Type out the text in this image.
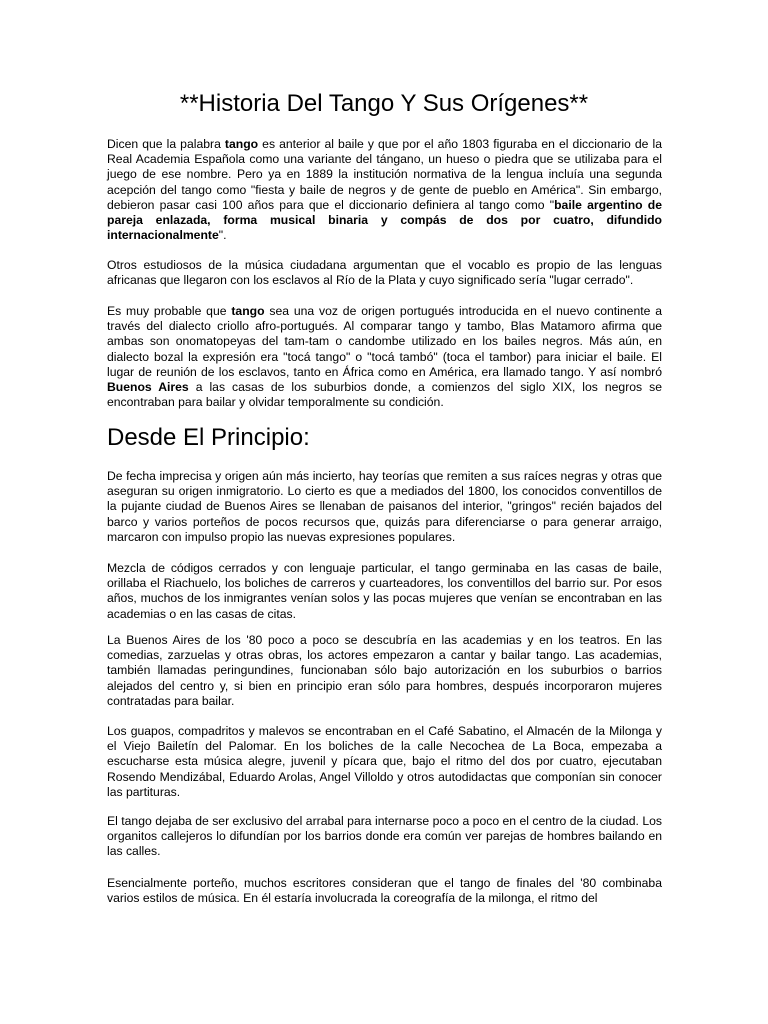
**Historia Del Tango Y Sus Orígenes**

Dicen que la palabra tango es anterior al baile y que por el año 1803 figuraba en el diccionario de la Real Academia Española como una variante del tángano, un hueso o piedra que se utilizaba para el juego de ese nombre. Pero ya en 1889 la institución normativa de la lengua incluía una segunda acepción del tango como "fiesta y baile de negros y de gente de pueblo en América". Sin embargo, debieron pasar casi 100 años para que el diccionario definiera al tango como "baile argentino de pareja enlazada, forma musical binaria y compás de dos por cuatro, difundido internacionalmente".

Otros estudiosos de la música ciudadana argumentan que el vocablo es propio de las lenguas africanas que llegaron con los esclavos al Río de la Plata y cuyo significado sería "lugar cerrado".

Es muy probable que tango sea una voz de origen portugués introducida en el nuevo continente a través del dialecto criollo afro-portugués. Al comparar tango y tambo, Blas Matamoro afirma que ambas son onomatopeyas del tam-tam o candombe utilizado en los bailes negros. Más aún, en dialecto bozal la expresión era "tocá tango" o "tocá tambó" (toca el tambor) para iniciar el baile. El lugar de reunión de los esclavos, tanto en África como en América, era llamado tango. Y así nombró Buenos Aires a las casas de los suburbios donde, a comienzos del siglo XIX, los negros se encontraban para bailar y olvidar temporalmente su condición.

Desde El Principio:

De fecha imprecisa y origen aún más incierto, hay teorías que remiten a sus raíces negras y otras que aseguran su origen inmigratorio. Lo cierto es que a mediados del 1800, los conocidos conventillos de la pujante ciudad de Buenos Aires se llenaban de paisanos del interior, "gringos" recién bajados del barco y varios porteños de pocos recursos que, quizás para diferenciarse o para generar arraigo, marcaron con impulso propio las nuevas expresiones populares.

Mezcla de códigos cerrados y con lenguaje particular, el tango germinaba en las casas de baile, orillaba el Riachuelo, los boliches de carreros y cuarteadores, los conventillos del barrio sur. Por esos años, muchos de los inmigrantes venían solos y las pocas mujeres que venían se encontraban en las academias o en las casas de citas.

La Buenos Aires de los '80 poco a poco se descubría en las academias y en los teatros. En las comedias, zarzuelas y otras obras, los actores empezaron a cantar y bailar tango. Las academias, también llamadas peringundines, funcionaban sólo bajo autorización en los suburbios o barrios alejados del centro y, si bien en principio eran sólo para hombres, después incorporaron mujeres contratadas para bailar.

Los guapos, compadritos y malevos se encontraban en el Café Sabatino, el Almacén de la Milonga y el Viejo Bailetín del Palomar. En los boliches de la calle Necochea de La Boca, empezaba a escucharse esta música alegre, juvenil y pícara que, bajo el ritmo del dos por cuatro, ejecutaban Rosendo Mendizábal, Eduardo Arolas, Angel Villoldo y otros autodidactas que componían sin conocer las partituras.

El tango dejaba de ser exclusivo del arrabal para internarse poco a poco en el centro de la ciudad. Los organitos callejeros lo difundían por los barrios donde era común ver parejas de hombres bailando en las calles.

Esencialmente porteño, muchos escritores consideran que el tango de finales del '80 combinaba varios estilos de música. En él estaría involucrada la coreografía de la milonga, el ritmo del
